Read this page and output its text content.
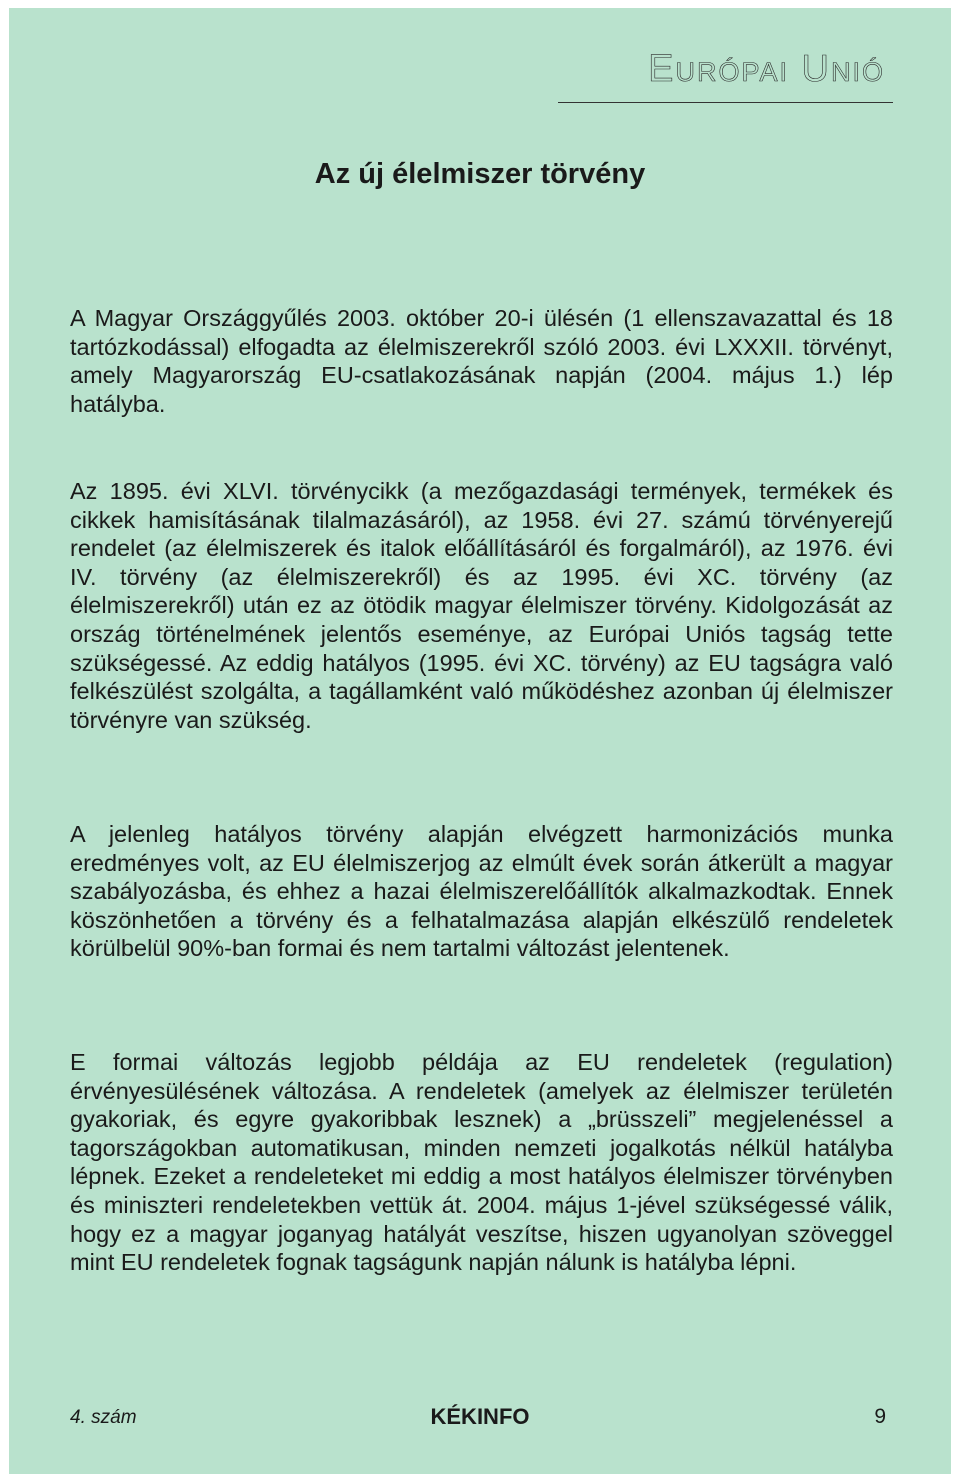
Európai Unió
Az új élelmiszer törvény

A Magyar Országgyűlés 2003. október 20-i ülésén (1 ellenszavazattal és 18 tartózkodással) elfogadta az élelmiszerekről szóló 2003. évi LXXXII. törvényt, amely Magyarország EU-csatlakozásának napján (2004. május 1.) lép hatályba.

Az 1895. évi XLVI. törvénycikk (a mezőgazdasági termények, termékek és cikkek hamisításának tilalmazásáról), az 1958. évi 27. számú törvényerejű rendelet (az élelmiszerek és italok előállításáról és forgalmáról), az 1976. évi IV. törvény (az élelmiszerekről) és az 1995. évi XC. törvény (az élelmiszerekről) után ez az ötödik magyar élelmiszer törvény. Kidolgozását az ország történelmének jelentős eseménye, az Európai Uniós tagság tette szükségessé. Az eddig hatályos (1995. évi XC. törvény) az EU tagságra való felkészülést szolgálta, a tagállamként való működéshez azonban új élelmiszer törvényre van szükség.

A jelenleg hatályos törvény alapján elvégzett harmonizációs munka eredményes volt, az EU élelmiszerjog az elmúlt évek során átkerült a magyar szabályozásba, és ehhez a hazai élelmiszerelőállítók alkalmazkodtak. Ennek köszönhetően a törvény és a felhatalmazása alapján elkészülő rendeletek körülbelül 90%-ban formai és nem tartalmi változást jelentenek.

E formai változás legjobb példája az EU rendeletek (regulation) érvényesülésének változása. A rendeletek (amelyek az élelmiszer területén gyakoriak, és egyre gyakoribbak lesznek) a „brüsszeli” megjelenéssel a tagországokban automatikusan, minden nemzeti jogalkotás nélkül hatályba lépnek. Ezeket a rendeleteket mi eddig a most hatályos élelmiszer törvényben és miniszteri rendeletekben vettük át. 2004. május 1-jével szükségessé válik, hogy ez a magyar joganyag hatályát veszítse, hiszen ugyanolyan szöveggel mint EU rendeletek fognak tagságunk napján nálunk is hatályba lépni.

4. szám	KÉKINFO	9
